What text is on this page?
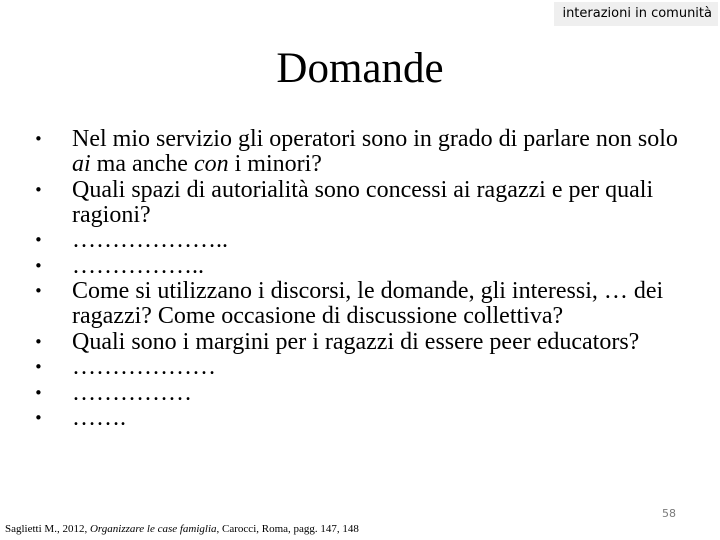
interazioni in comunità
Domande
• Nel mio servizio gli operatori sono in grado di parlare non solo ai ma anche con i minori?
• Quali spazi di autorialità sono concessi ai ragazzi e per quali ragioni?
• ………………..
• ……………..
• Come si utilizzano i discorsi, le domande, gli interessi, … dei ragazzi? Come occasione di discussione collettiva?
• Quali sono i margini per i ragazzi di essere peer educators?
• ………………
• ……………
• …….
58
Saglietti M., 2012, Organizzare le case famiglia, Carocci, Roma, pagg. 147, 148
